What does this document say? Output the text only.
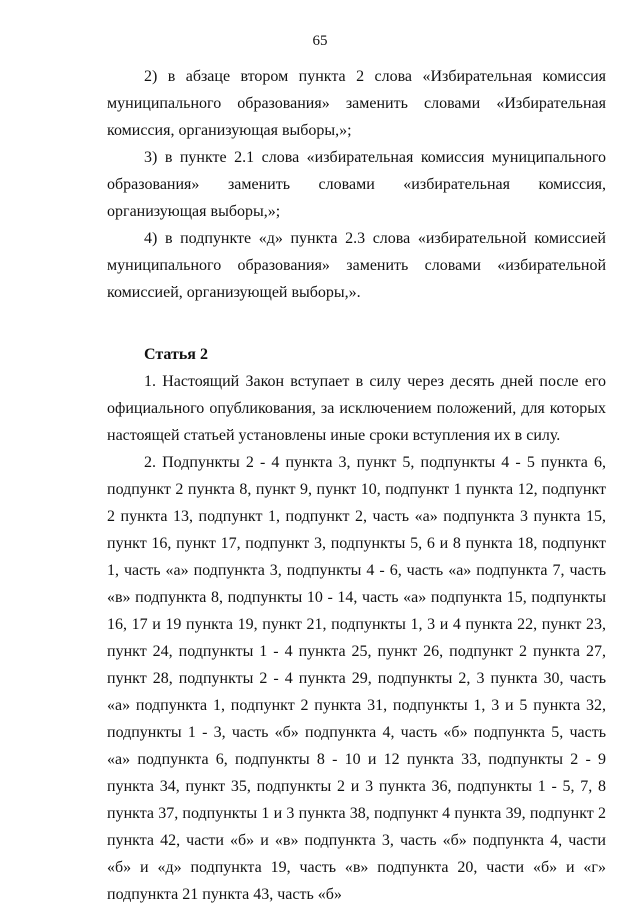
65

2) в абзаце втором пункта 2 слова «Избирательная комиссия муниципального образования» заменить словами «Избирательная комиссия, организующая выборы,»;

3) в пункте 2.1 слова «избирательная комиссия муниципального образования» заменить словами «избирательная комиссия, организующая выборы,»;

4) в подпункте «д» пункта 2.3 слова «избирательной комиссией муниципального образования» заменить словами «избирательной комиссией, организующей выборы,».

Статья 2

1. Настоящий Закон вступает в силу через десять дней после его официального опубликования, за исключением положений, для которых настоящей статьей установлены иные сроки вступления их в силу.

2. Подпункты 2 - 4 пункта 3, пункт 5, подпункты 4 - 5 пункта 6, подпункт 2 пункта 8, пункт 9, пункт 10, подпункт 1 пункта 12, подпункт 2 пункта 13, подпункт 1, подпункт 2, часть «а» подпункта 3 пункта 15, пункт 16, пункт 17, подпункт 3, подпункты 5, 6 и 8 пункта 18, подпункт 1, часть «а» подпункта 3, подпункты 4 - 6, часть «а» подпункта 7, часть «в» подпункта 8, подпункты 10 - 14, часть «а» подпункта 15, подпункты 16, 17 и 19 пункта 19, пункт 21, подпункты 1, 3 и 4 пункта 22, пункт 23, пункт 24, подпункты 1 - 4 пункта 25, пункт 26, подпункт 2 пункта 27, пункт 28, подпункты 2 - 4 пункта 29, подпункты 2, 3 пункта 30, часть «а» подпункта 1, подпункт 2 пункта 31, подпункты 1, 3 и 5 пункта 32, подпункты 1 - 3, часть «б» подпункта 4, часть «б» подпункта 5, часть «а» подпункта 6, подпункты 8 - 10 и 12 пункта 33, подпункты 2 - 9 пункта 34, пункт 35, подпункты 2 и 3 пункта 36, подпункты 1 - 5, 7, 8 пункта 37, подпункты 1 и 3 пункта 38, подпункт 4 пункта 39, подпункт 2 пункта 42, части «б» и «в» подпункта 3, часть «б» подпункта 4, части «б» и «д» подпункта 19, часть «в» подпункта 20, части «б» и «г» подпункта 21 пункта 43, часть «б»
